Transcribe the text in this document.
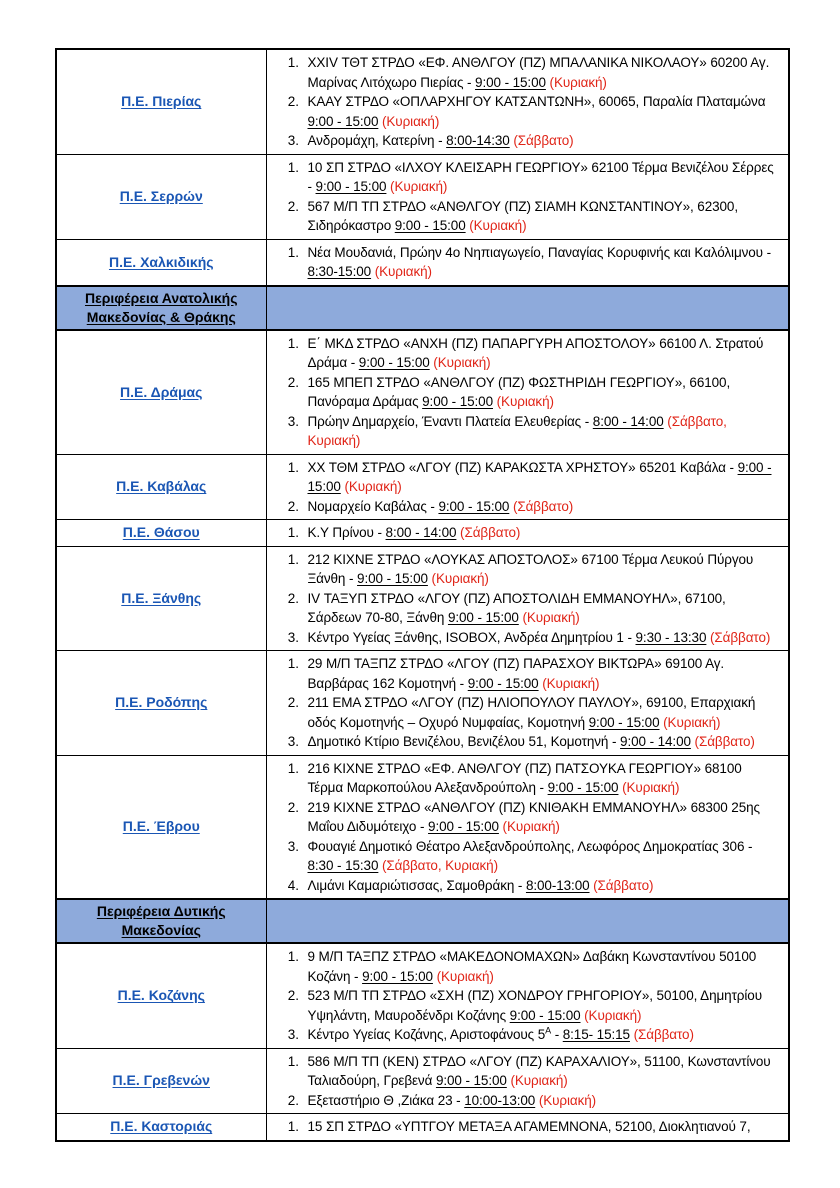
Π.Ε. Πιερίας	
1. XXIV ΤΘΤ ΣΤΡΔΟ «ΕΦ. ΑΝΘΛΓΟΥ (ΠΖ) ΜΠΑΛΑΝΙΚΑ ΝΙΚΟΛΑΟΥ» 60200 Αγ. Μαρίνας Λιτόχωρο Πιερίας - 9:00 - 15:00 (Κυριακή)
2. ΚΑΑΥ ΣΤΡΔΟ «ΟΠΛΑΡΧΗΓΟΥ ΚΑΤΣΑΝΤΩΝΗ», 60065, Παραλία Πλαταμώνα 9:00 - 15:00 (Κυριακή)
3. Ανδρομάχη, Κατερίνη - 8:00-14:30 (Σάββατο)

Π.Ε. Σερρών	
1. 10 ΣΠ ΣΤΡΔΟ «ΙΛΧΟΥ ΚΛΕΙΣΑΡΗ ΓΕΩΡΓΙΟΥ» 62100 Τέρμα Βενιζέλου Σέρρες - 9:00 - 15:00 (Κυριακή)
2. 567 Μ/Π ΤΠ ΣΤΡΔΟ «ΑΝΘΛΓΟΥ (ΠΖ) ΣΙΑΜΗ ΚΩΝΣΤΑΝΤΙΝΟΥ», 62300, Σιδηρόκαστρο 9:00 - 15:00 (Κυριακή)

Π.Ε. Χαλκιδικής	
1. Νέα Μουδανιά, Πρώην 4ο Νηπιαγωγείο, Παναγίας Κορυφινής και Καλόλιμνου - 8:30-15:00 (Κυριακή)

Περιφέρεια Ανατολικής Μακεδονίας & Θράκης	
Π.Ε. Δράμας	
1. Ε΄ ΜΚΔ ΣΤΡΔΟ «ΑΝΧΗ (ΠΖ) ΠΑΠΑΡΓΥΡΗ ΑΠΟΣΤΟΛΟΥ» 66100 Λ. Στρατού Δράμα - 9:00 - 15:00 (Κυριακή)
2. 165 ΜΠΕΠ ΣΤΡΔΟ «ΑΝΘΛΓΟΥ (ΠΖ) ΦΩΣΤΗΡΙΔΗ ΓΕΩΡΓΙΟΥ», 66100, Πανόραμα Δράμας 9:00 - 15:00 (Κυριακή)
3. Πρώην Δημαρχείο, Έναντι Πλατεία Ελευθερίας - 8:00 - 14:00 (Σάββατο, Κυριακή)

Π.Ε. Καβάλας	
1. ΧΧ ΤΘΜ ΣΤΡΔΟ «ΛΓΟΥ (ΠΖ) ΚΑΡΑΚΩΣΤΑ ΧΡΗΣΤΟΥ» 65201 Καβάλα - 9:00 - 15:00 (Κυριακή)
2. Νομαρχείο Καβάλας - 9:00 - 15:00 (Σάββατο)

Π.Ε. Θάσου	
1.Κ.Υ Πρίνου - 8:00 - 14:00 (Σάββατο)

Π.Ε. Ξάνθης	
1. 212 ΚΙΧΝΕ ΣΤΡΔΟ «ΛΟΥΚΑΣ ΑΠΟΣΤΟΛΟΣ» 67100 Τέρμα Λευκού Πύργου Ξάνθη - 9:00 - 15:00 (Κυριακή)
2. IV ΤΑΞΥΠ ΣΤΡΔΟ «ΛΓΟΥ (ΠΖ) ΑΠΟΣΤΟΛΙΔΗ ΕΜΜΑΝΟΥΗΛ», 67100, Σάρδεων 70-80, Ξάνθη 9:00 - 15:00 (Κυριακή)
3. Κέντρο Υγείας Ξάνθης, ISOBOX, Ανδρέα Δημητρίου 1 - 9:30 - 13:30 (Σάββατο)

Π.Ε. Ροδόπης	
1. 29 Μ/Π ΤΑΞΠΖ ΣΤΡΔΟ «ΛΓΟΥ (ΠΖ) ΠΑΡΑΣΧΟΥ ΒΙΚΤΩΡΑ» 69100 Αγ. Βαρβάρας 162 Κομοτηνή - 9:00 - 15:00 (Κυριακή)
2. 211 ΕΜΑ ΣΤΡΔΟ «ΛΓΟΥ (ΠΖ) ΗΛΙΟΠΟΥΛΟΥ ΠΑΥΛΟΥ», 69100, Επαρχιακή οδός Κομοτηνής – Οχυρό Νυμφαίας, Κομοτηνή 9:00 - 15:00 (Κυριακή)
3. Δημοτικό Κτίριο Βενιζέλου, Βενιζέλου 51, Κομοτηνή - 9:00 - 14:00 (Σάββατο)

Π.Ε. Έβρου	
1. 216 ΚΙΧΝΕ ΣΤΡΔΟ «ΕΦ. ΑΝΘΛΓΟΥ (ΠΖ) ΠΑΤΣΟΥΚΑ ΓΕΩΡΓΙΟΥ» 68100 Τέρμα Μαρκοπούλου Αλεξανδρούπολη - 9:00 - 15:00 (Κυριακή)
2. 219 ΚΙΧΝΕ ΣΤΡΔΟ «ΑΝΘΛΓΟΥ (ΠΖ) ΚΝΙΘΑΚΗ ΕΜΜΑΝΟΥΗΛ» 68300 25ης Μαΐου Διδυμότειχο - 9:00 - 15:00 (Κυριακή)
3. Φουαγιέ Δημοτικό Θέατρο Αλεξανδρούπολης, Λεωφόρος Δημοκρατίας 306 - 8:30 - 15:30 (Σάββατο, Κυριακή)
4. Λιμάνι Καμαριώτισσας, Σαμοθράκη - 8:00-13:00 (Σάββατο)

Περιφέρεια Δυτικής Μακεδονίας	
Π.Ε. Κοζάνης	
1. 9 Μ/Π ΤΑΞΠΖ ΣΤΡΔΟ «ΜΑΚΕΔΟΝΟΜΑΧΩΝ» Δαβάκη Κωνσταντίνου 50100 Κοζάνη - 9:00 - 15:00 (Κυριακή)
2. 523 Μ/Π ΤΠ ΣΤΡΔΟ «ΣΧΗ (ΠΖ) ΧΟΝΔΡΟΥ ΓΡΗΓΟΡΙΟΥ», 50100, Δημητρίου Υψηλάντη, Μαυροδένδρι Κοζάνης 9:00 - 15:00 (Κυριακή)
3. Κέντρο Υγείας Κοζάνης, Αριστοφάνους $5^A$ - 8:15- 15:15 (Σάββατο)

Π.Ε. Γρεβενών	
1. 586 Μ/Π ΤΠ (ΚΕΝ) ΣΤΡΔΟ «ΛΓΟΥ (ΠΖ) ΚΑΡΑΧΑΛΙΟΥ», 51100, Κωνσταντίνου Ταλιαδούρη, Γρεβενά 9:00 - 15:00 (Κυριακή)
2. Εξεταστήριο Θ ,Ζιάκα 23 - 10:00-13:00 (Κυριακή)

Π.Ε. Καστοριάς	
1.15 ΣΠ ΣΤΡΔΟ «ΥΠΤΓΟΥ ΜΕΤΑΞΑ ΑΓΑΜΕΜΝΟΝΑ, 52100, Διοκλητιανού 7,
